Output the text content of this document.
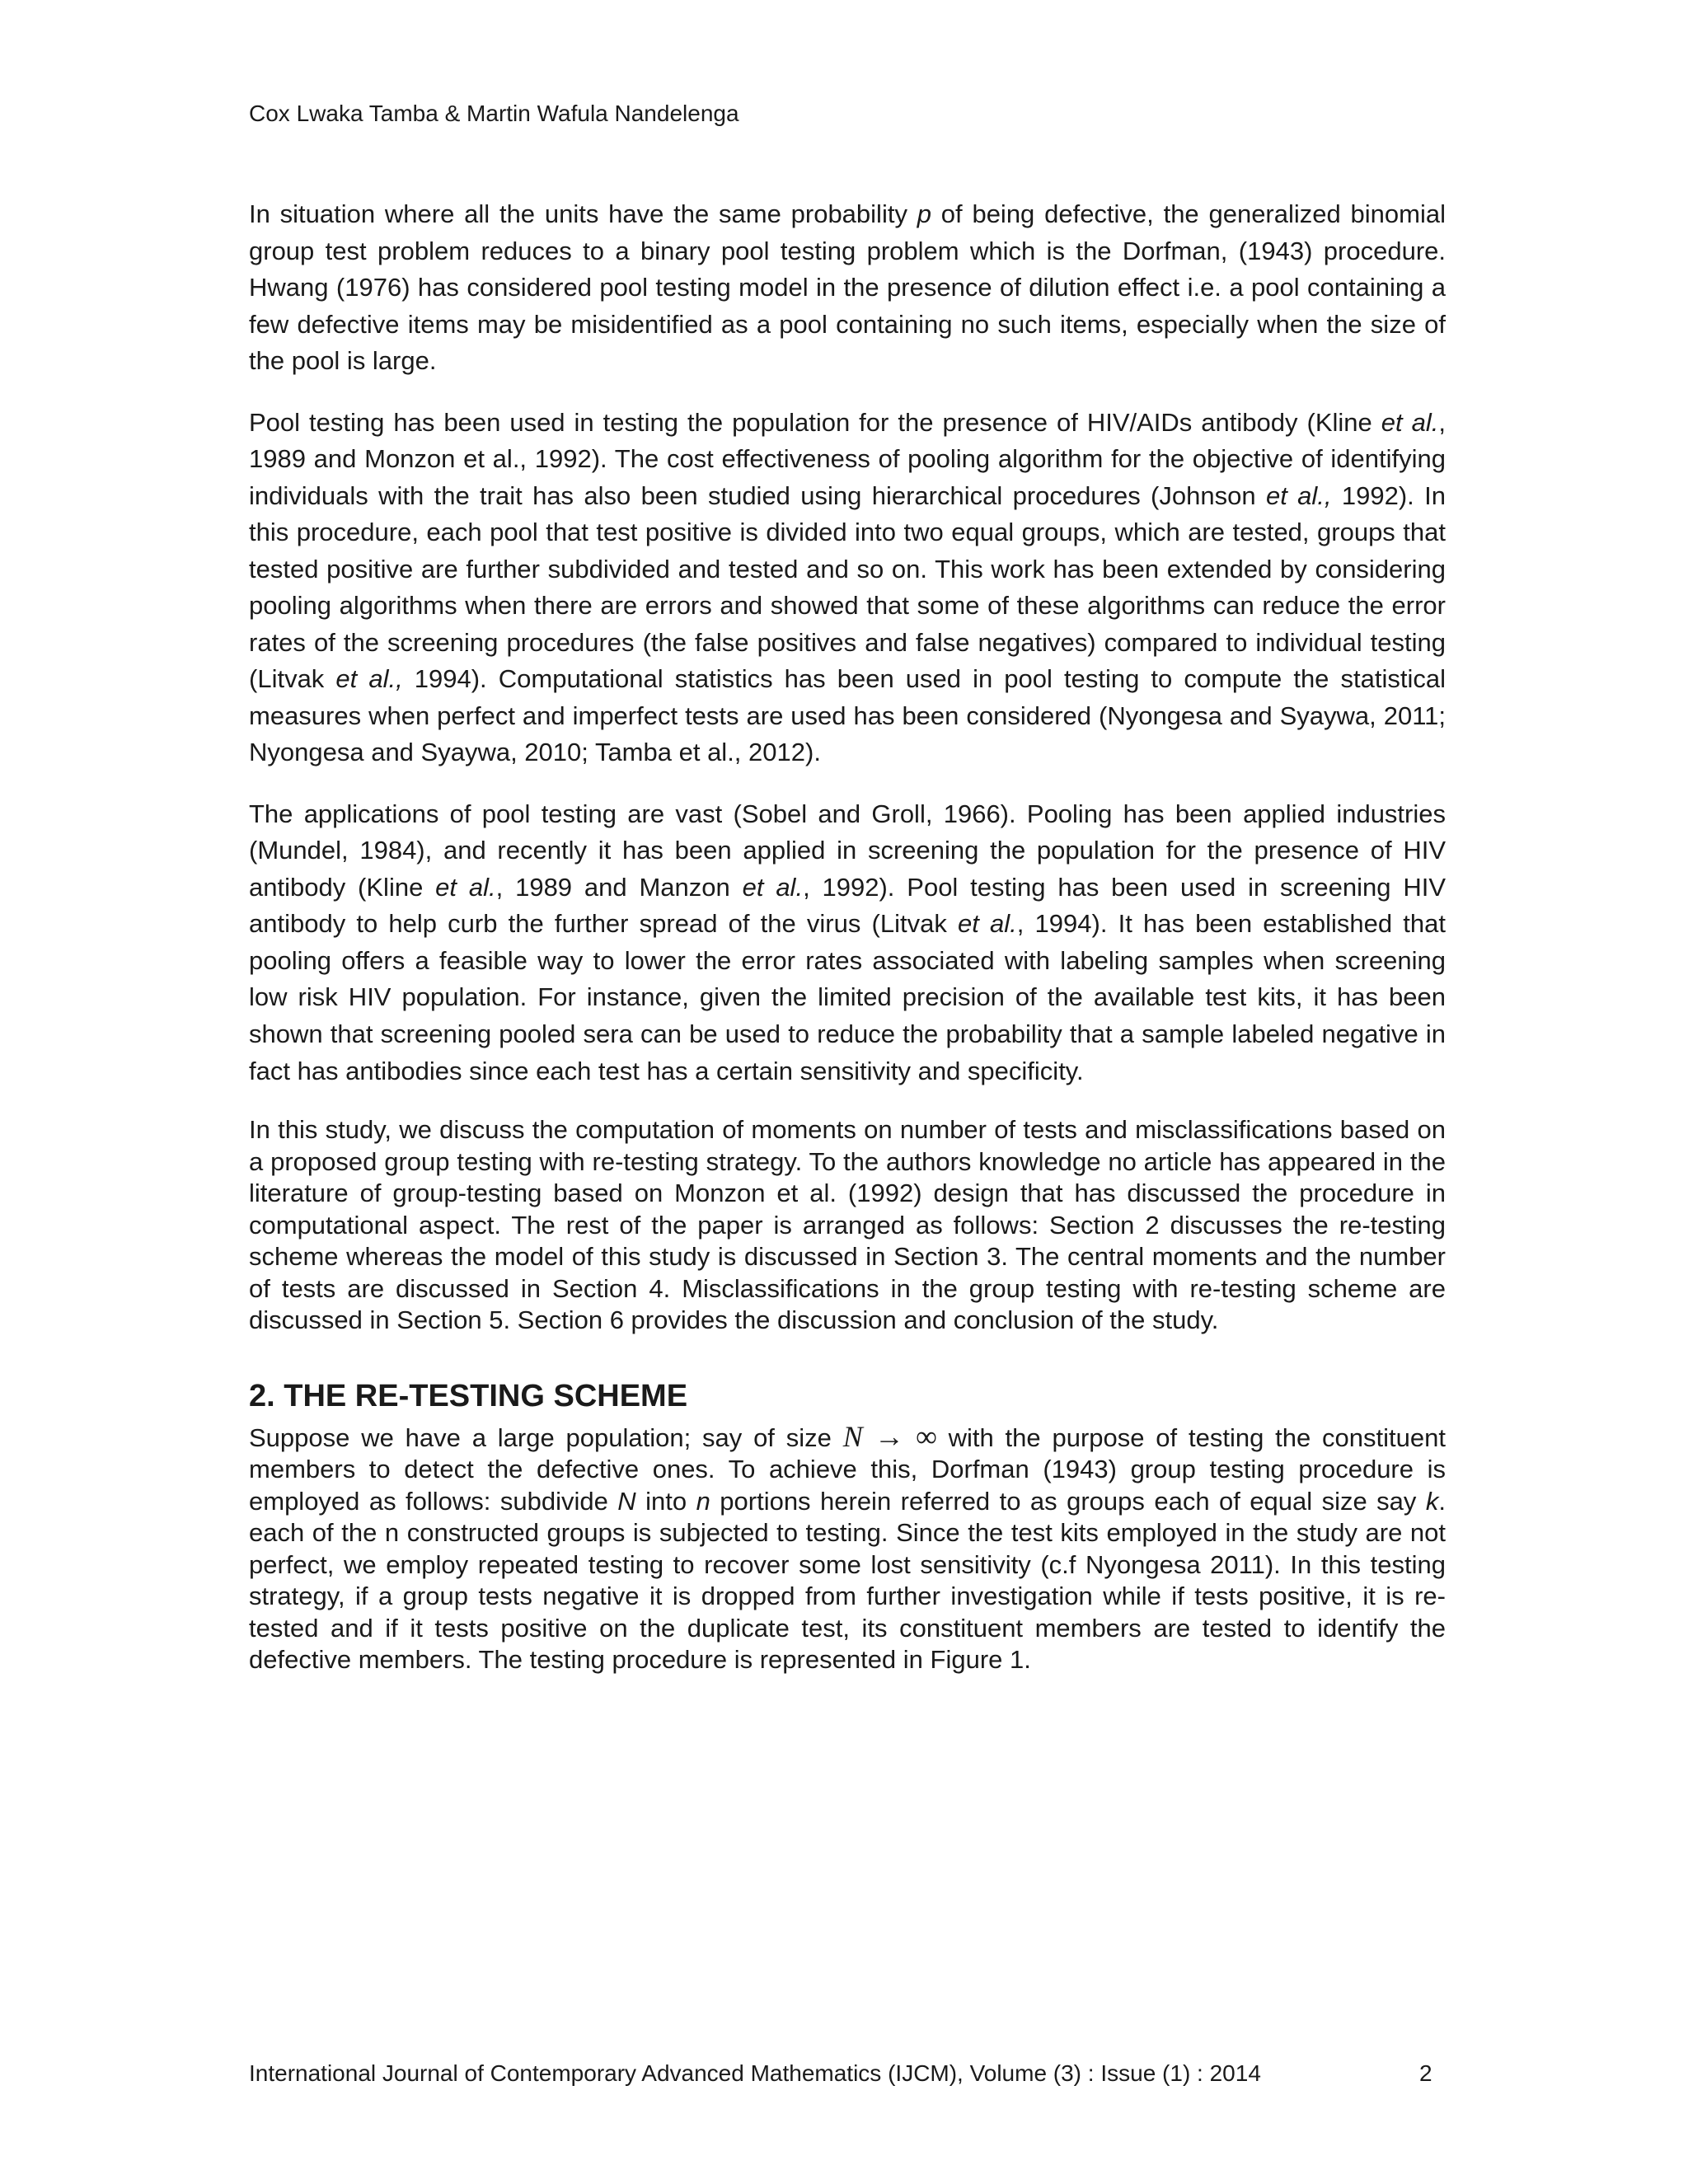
Cox Lwaka Tamba & Martin Wafula Nandelenga

In situation where all the units have the same probability p of being defective, the generalized binomial group test problem reduces to a binary pool testing problem which is the Dorfman, (1943) procedure. Hwang (1976) has considered pool testing model in the presence of dilution effect i.e. a pool containing a few defective items may be misidentified as a pool containing no such items, especially when the size of the pool is large.

Pool testing has been used in testing the population for the presence of HIV/AIDs antibody (Kline et al., 1989 and Monzon et al., 1992). The cost effectiveness of pooling algorithm for the objective of identifying individuals with the trait has also been studied using hierarchical procedures (Johnson et al., 1992). In this procedure, each pool that test positive is divided into two equal groups, which are tested, groups that tested positive are further subdivided and tested and so on. This work has been extended by considering pooling algorithms when there are errors and showed that some of these algorithms can reduce the error rates of the screening procedures (the false positives and false negatives) compared to individual testing (Litvak et al., 1994). Computational statistics has been used in pool testing to compute the statistical measures when perfect and imperfect tests are used has been considered (Nyongesa and Syaywa, 2011; Nyongesa and Syaywa, 2010; Tamba et al., 2012).

The applications of pool testing are vast (Sobel and Groll, 1966). Pooling has been applied industries (Mundel, 1984), and recently it has been applied in screening the population for the presence of HIV antibody (Kline et al., 1989 and Manzon et al., 1992). Pool testing has been used in screening HIV antibody to help curb the further spread of the virus (Litvak et al., 1994). It has been established that pooling offers a feasible way to lower the error rates associated with labeling samples when screening low risk HIV population. For instance, given the limited precision of the available test kits, it has been shown that screening pooled sera can be used to reduce the probability that a sample labeled negative in fact has antibodies since each test has a certain sensitivity and specificity.

In this study, we discuss the computation of moments on number of tests and misclassifications based on a proposed group testing with re-testing strategy. To the authors knowledge no article has appeared in the literature of group-testing based on Monzon et al. (1992) design that has discussed the procedure in computational aspect. The rest of the paper is arranged as follows: Section 2 discusses the re-testing scheme whereas the model of this study is discussed in Section 3. The central moments and the number of tests are discussed in Section 4. Misclassifications in the group testing with re-testing scheme are discussed in Section 5. Section 6 provides the discussion and conclusion of the study.

2. THE RE-TESTING SCHEME

Suppose we have a large population; say of size N → ∞ with the purpose of testing the constituent members to detect the defective ones. To achieve this, Dorfman (1943) group testing procedure is employed as follows: subdivide N into n portions herein referred to as groups each of equal size say k. each of the n constructed groups is subjected to testing. Since the test kits employed in the study are not perfect, we employ repeated testing to recover some lost sensitivity (c.f Nyongesa 2011). In this testing strategy, if a group tests negative it is dropped from further investigation while if tests positive, it is re-tested and if it tests positive on the duplicate test, its constituent members are tested to identify the defective members. The testing procedure is represented in Figure 1.

International Journal of Contemporary Advanced Mathematics (IJCM), Volume (3) : Issue (1) : 2014	2
